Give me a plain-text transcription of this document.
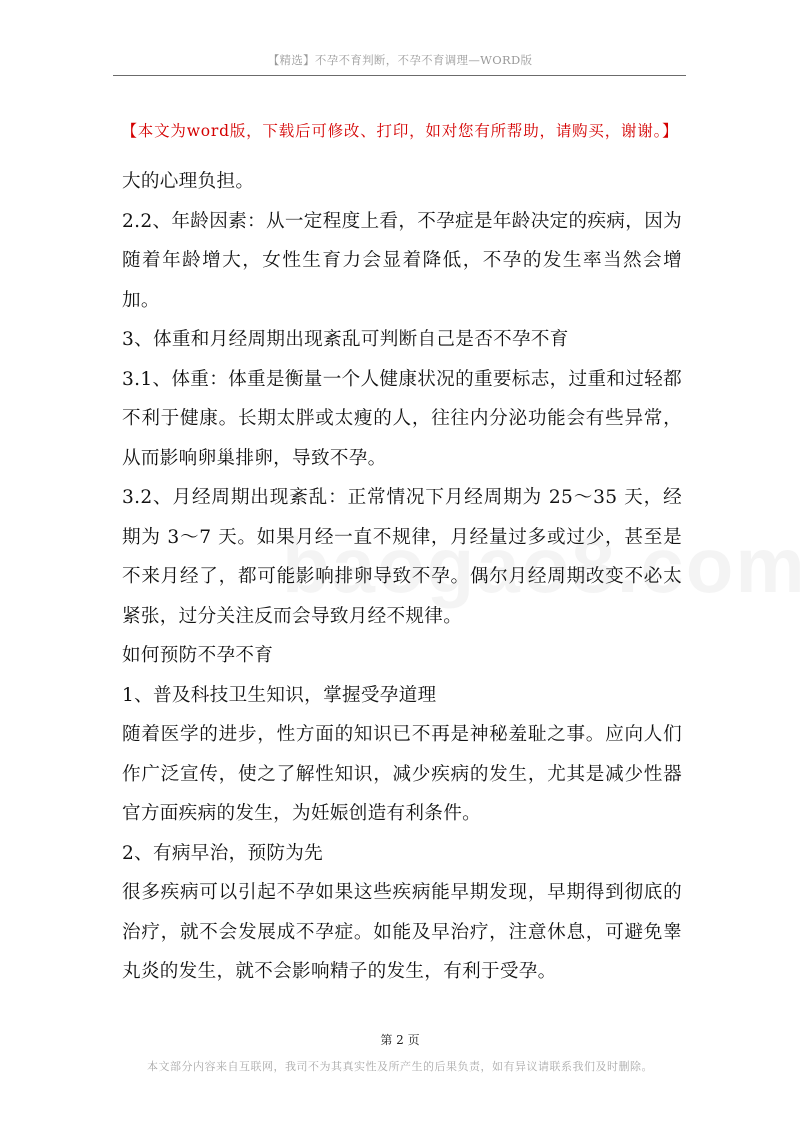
【精选】不孕不育判断，不孕不育调理—WORD版
【本文为word版，下载后可修改、打印，如对您有所帮助，请购买，谢谢。】

大的心理负担。

2.2、年龄因素：从一定程度上看，不孕症是年龄决定的疾病，因为随着年龄增大，女性生育力会显着降低，不孕的发生率当然会增加。

3、体重和月经周期出现紊乱可判断自己是否不孕不育

3.1、体重：体重是衡量一个人健康状况的重要标志，过重和过轻都不利于健康。长期太胖或太瘦的人，往往内分泌功能会有些异常，从而影响卵巢排卵，导致不孕。

3.2、月经周期出现紊乱：正常情况下月经周期为 25～35 天，经期为 3～7 天。如果月经一直不规律，月经量过多或过少，甚至是不来月经了，都可能影响排卵导致不孕。偶尔月经周期改变不必太紧张，过分关注反而会导致月经不规律。

如何预防不孕不育

1、普及科技卫生知识，掌握受孕道理

随着医学的进步，性方面的知识已不再是神秘羞耻之事。应向人们作广泛宣传，使之了解性知识，减少疾病的发生，尤其是减少性器官方面疾病的发生，为妊娠创造有利条件。

2、有病早治，预防为先

很多疾病可以引起不孕如果这些疾病能早期发现，早期得到彻底的治疗，就不会发展成不孕症。如能及早治疗，注意休息，可避免睾丸炎的发生，就不会影响精子的发生，有利于受孕。

第 2 页
本文部分内容来自互联网，我司不为其真实性及所产生的后果负责，如有异议请联系我们及时删除。
